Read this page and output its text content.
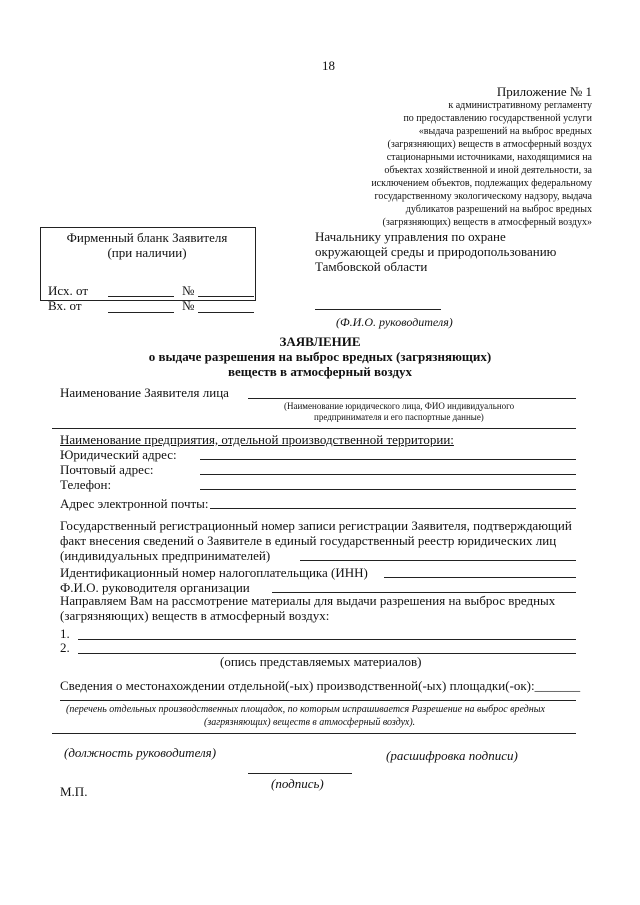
18
Приложение № 1
к административному регламенту
по предоставлению государственной услуги
«выдача разрешений на выброс вредных
(загрязняющих) веществ в атмосферный воздух
стационарными источниками, находящимися на
объектах хозяйственной и иной деятельности, за
исключением объектов, подлежащих федеральному
государственному экологическому надзору, выдача
дубликатов разрешений на выброс вредных
(загрязняющих) веществ в атмосферный воздух»
Фирменный бланк Заявителя
(при наличии)
Исх. от	№
Вх. от	№
Начальнику управления по охране
окружающей среды и природопользованию
Тамбовской области
(Ф.И.О. руководителя)
ЗАЯВЛЕНИЕ
о выдаче разрешения на выброс вредных (загрязняющих)
веществ в атмосферный воздух
Наименование Заявителя лица
(Наименование юридического лица, ФИО индивидуального
предпринимателя и его паспортные данные)
Наименование предприятия, отдельной производственной территории:
Юридический адрес:
Почтовый адрес:
Телефон:
Адрес электронной почты:
Государственный регистрационный номер записи регистрации Заявителя, подтверждающий
факт внесения сведений о Заявителе в единый государственный реестр юридических лиц
(индивидуальных предпринимателей)
Идентификационный номер налогоплательщика (ИНН)
Ф.И.О. руководителя организации
Направляем Вам на рассмотрение материалы для выдачи разрешения на выброс вредных
(загрязняющих) веществ в атмосферный воздух:
1.
2.
(опись представляемых материалов)
Сведения о местонахождении отдельной(-ых) производственной(-ых) площадки(-ок):_______
(перечень отдельных производственных площадок, по которым испрашивается Разрешение на выброс вредных
(загрязняющих) веществ в атмосферный воздух).
(должность руководителя)	(расшифровка подписи)
(подпись)
М.П.
